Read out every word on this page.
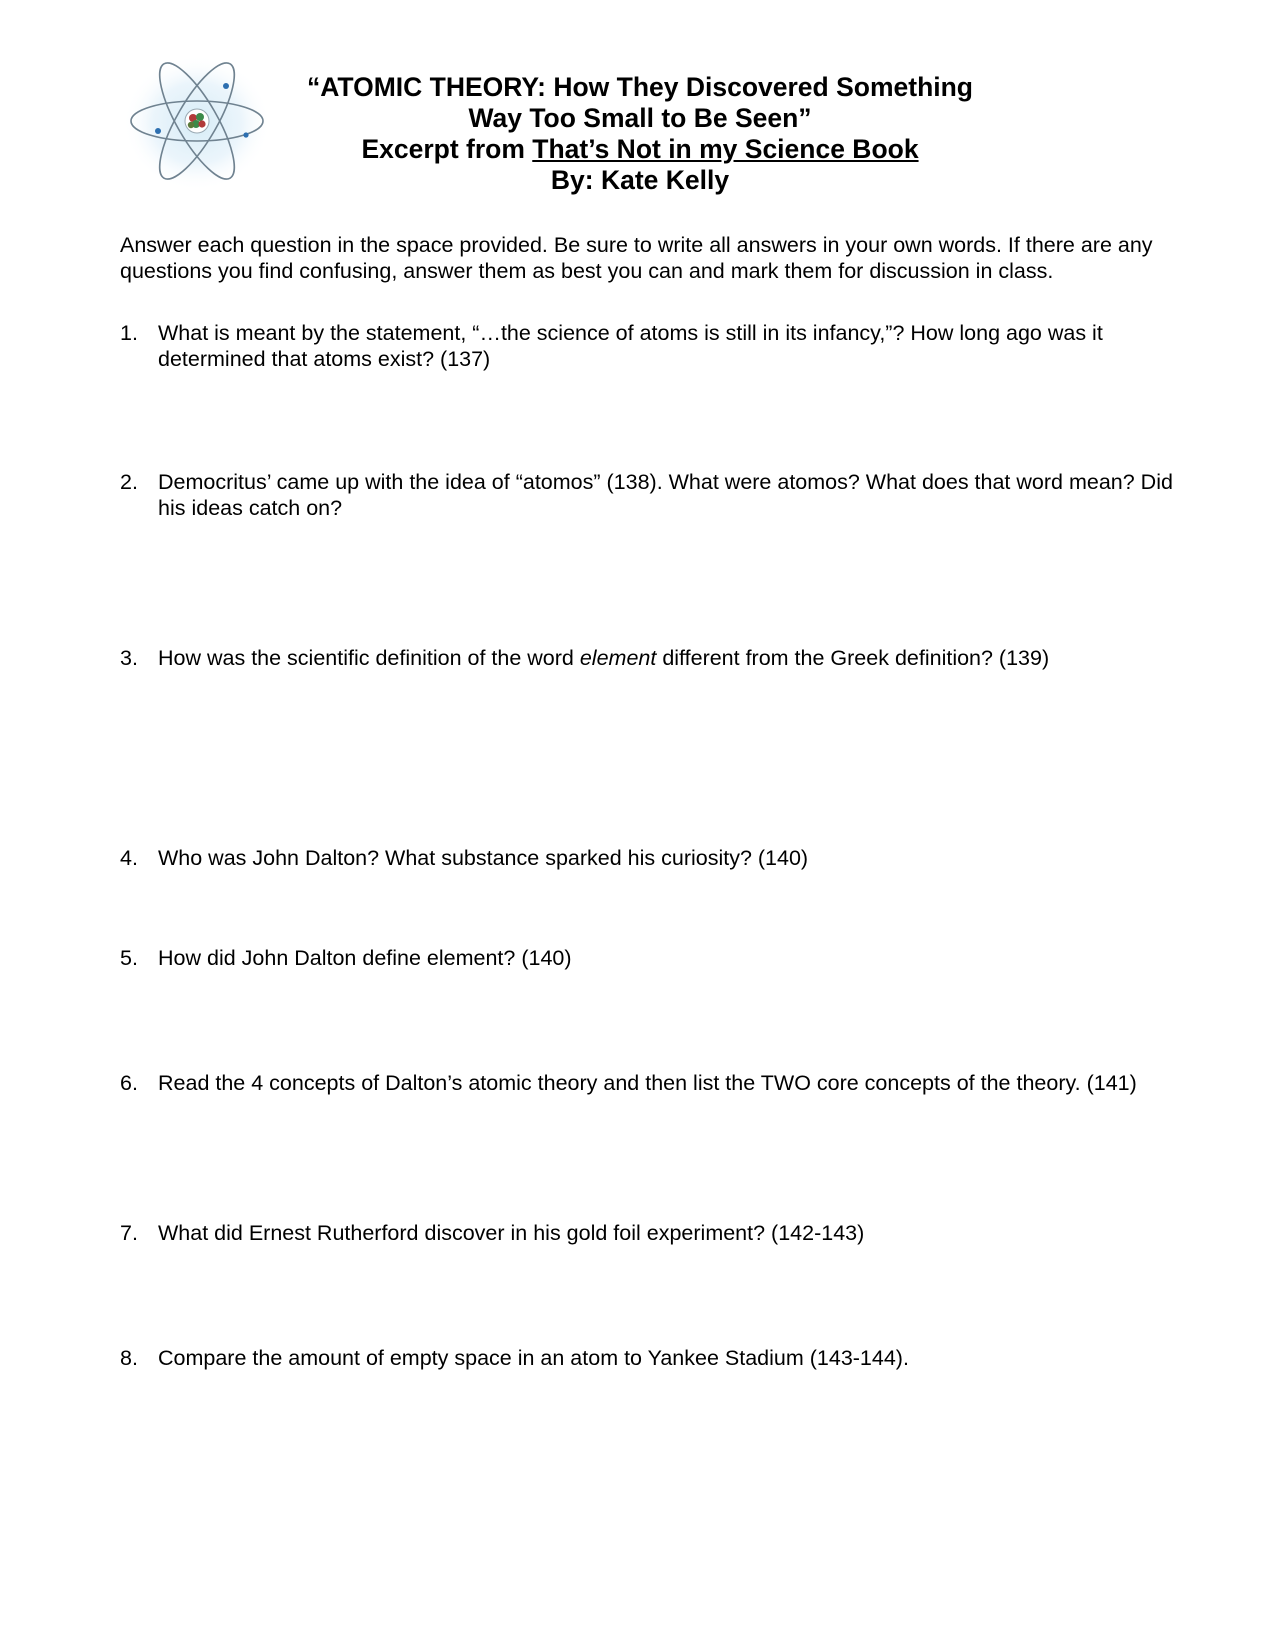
“ATOMIC THEORY: How They Discovered Something
Way Too Small to Be Seen”
Excerpt from That’s Not in my Science Book
By: Kate Kelly
Answer each question in the space provided. Be sure to write all answers in your own words. If there are any questions you find confusing, answer them as best you can and mark them for discussion in class.
1. What is meant by the statement, “…the science of atoms is still in its infancy,”? How long ago was it determined that atoms exist? (137)
2. Democritus’ came up with the idea of “atomos” (138). What were atomos? What does that word mean? Did his ideas catch on?
3. How was the scientific definition of the word element different from the Greek definition? (139)
4. Who was John Dalton? What substance sparked his curiosity? (140)
5. How did John Dalton define element? (140)
6. Read the 4 concepts of Dalton’s atomic theory and then list the TWO core concepts of the theory. (141)
7. What did Ernest Rutherford discover in his gold foil experiment? (142-143)
8. Compare the amount of empty space in an atom to Yankee Stadium (143-144).
